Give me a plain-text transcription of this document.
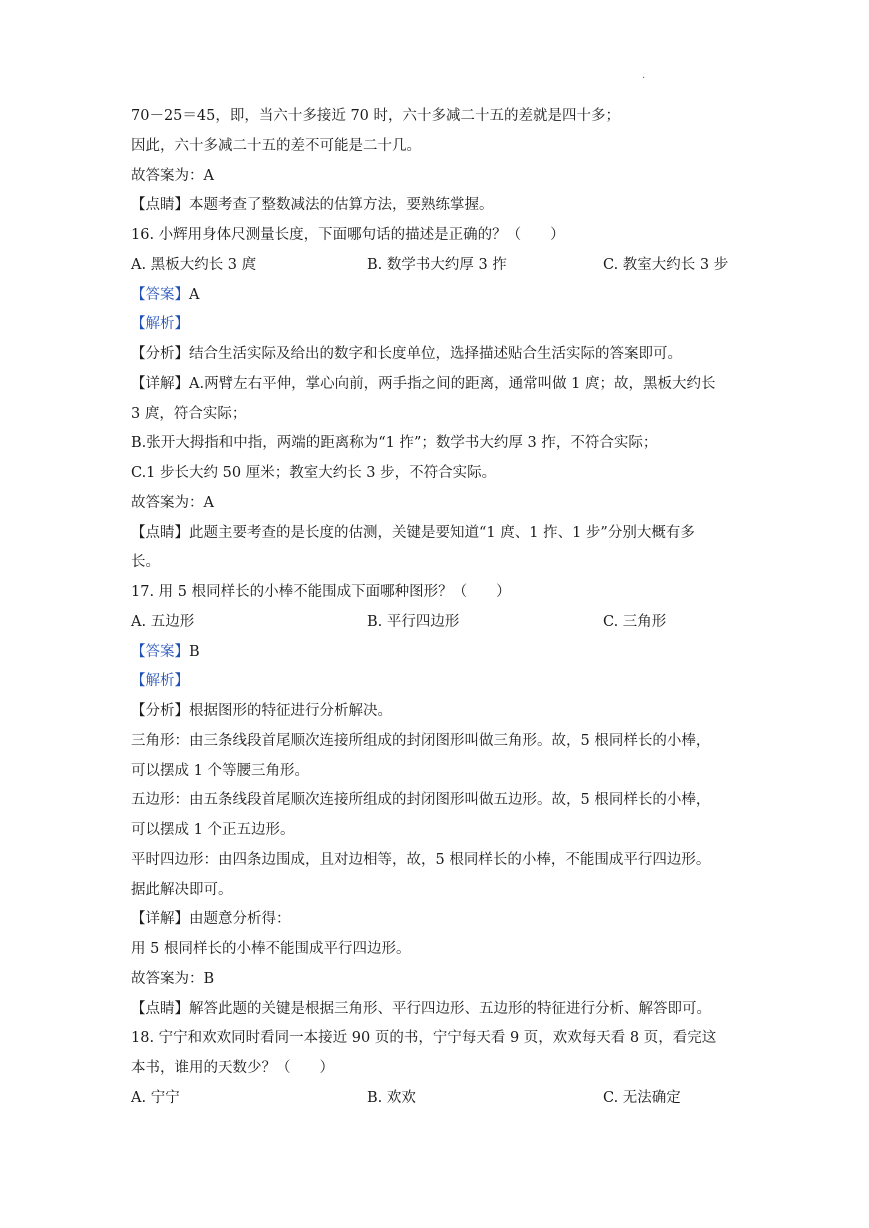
.
70－25＝45，即，当六十多接近 70 时，六十多减二十五的差就是四十多；
因此，六十多减二十五的差不可能是二十几。
故答案为：A
【点睛】本题考查了整数减法的估算方法，要熟练掌握。
16. 小辉用身体尺测量长度，下面哪句话的描述是正确的？（　　）
A. 黑板大约长 3 庹	B. 数学书大约厚 3 拃	C. 教室大约长 3 步
【答案】A
【解析】
【分析】结合生活实际及给出的数字和长度单位，选择描述贴合生活实际的答案即可。
【详解】A.两臂左右平伸，掌心向前，两手指之间的距离，通常叫做 1 庹；故，黑板大约长
3 庹，符合实际；
B.张开大拇指和中指，两端的距离称为“1 拃”；数学书大约厚 3 拃，不符合实际；
C.1 步长大约 50 厘米；教室大约长 3 步，不符合实际。
故答案为：A
【点睛】此题主要考查的是长度的估测，关键是要知道“1 庹、1 拃、1 步”分别大概有多
长。
17. 用 5 根同样长的小棒不能围成下面哪种图形？（　　）
A. 五边形	B. 平行四边形	C. 三角形
【答案】B
【解析】
【分析】根据图形的特征进行分析解决。
三角形：由三条线段首尾顺次连接所组成的封闭图形叫做三角形。故，5 根同样长的小棒，
可以摆成 1 个等腰三角形。
五边形：由五条线段首尾顺次连接所组成的封闭图形叫做五边形。故，5 根同样长的小棒，
可以摆成 1 个正五边形。
平时四边形：由四条边围成，且对边相等，故，5 根同样长的小棒，不能围成平行四边形。
据此解决即可。
【详解】由题意分析得：
用 5 根同样长的小棒不能围成平行四边形。
故答案为：B
【点睛】解答此题的关键是根据三角形、平行四边形、五边形的特征进行分析、解答即可。
18. 宁宁和欢欢同时看同一本接近 90 页的书，宁宁每天看 9 页，欢欢每天看 8 页，看完这
本书，谁用的天数少？（　　）
A. 宁宁	B. 欢欢	C. 无法确定
